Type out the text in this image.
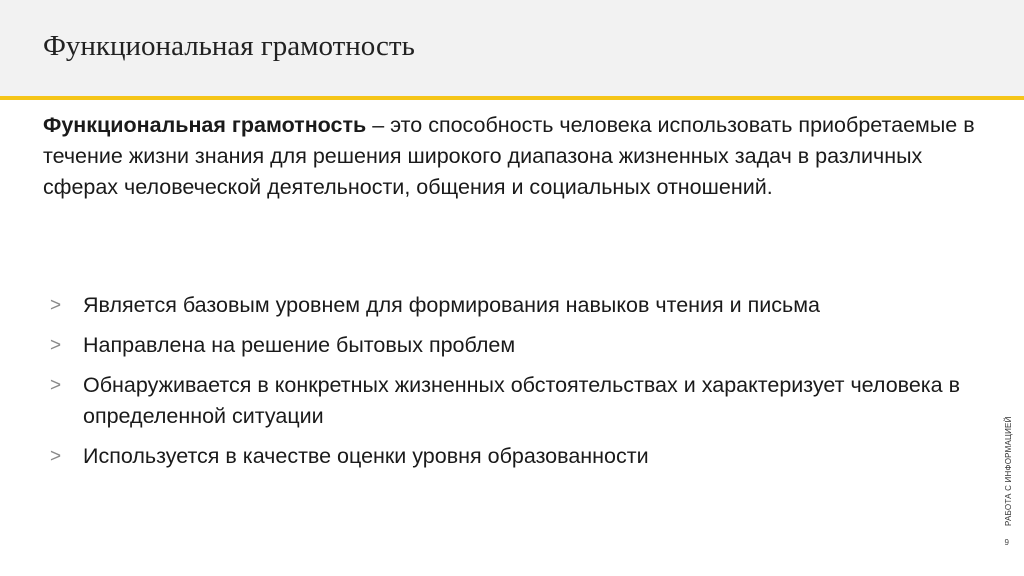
Функциональная грамотность

Функциональная грамотность – это способность человека использовать приобретаемые в течение жизни знания для решения широкого диапазона жизненных задач в различных сферах человеческой деятельности, общения и социальных отношений.

> Является базовым уровнем для формирования навыков чтения и письма
> Направлена на решение бытовых проблем
> Обнаруживается в конкретных жизненных обстоятельствах и характеризует человека в определенной ситуации
> Используется в качестве оценки уровня образованности	РАБОТА С ИНФОРМАЦИЕЙ
9
